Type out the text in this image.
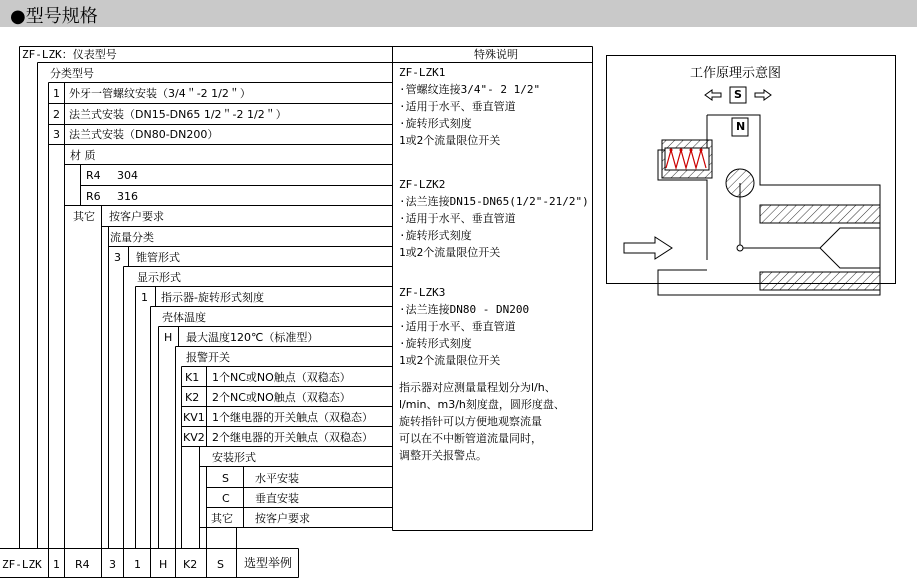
●型号规格
ZF-LZK：仪表型号	特殊说明
分类型号
1 外牙一管螺纹安装（3/4＂-2 1/2＂）
2 法兰式安装（DN15-DN65 1/2＂-2 1/2＂）
3 法兰式安装（DN80-DN200）
材 质
R4 304
R6 316
其它 按客户要求
流量分类
3 锥管形式
显示形式
1 指示器-旋转形式刻度
壳体温度
H 最大温度120℃（标准型）
报警开关
K1 1个NC或NO触点（双稳态）
K2 2个NC或NO触点（双稳态）
KV1 1个继电器的开关触点（双稳态）
KV2 2个继电器的开关触点（双稳态）
安装形式
S 水平安装
C 垂直安装
其它 按客户要求
ZF-LZK 1 R4 3 1 H K2 S 选型举例
ZF-LZK1
·管螺纹连接3/4"- 2 1/2"
·适用于水平、垂直管道
·旋转形式刻度
1或2个流量限位开关
ZF-LZK2
·法兰连接DN15-DN65(1/2"-21/2")
·适用于水平、垂直管道
·旋转形式刻度
1或2个流量限位开关
ZF-LZK3
·法兰连接DN80 - DN200
·适用于水平、垂直管道
·旋转形式刻度
1或2个流量限位开关
指示器对应测量量程划分为l/h、
l/min、m3/h刻度盘，圆形度盘、
旋转指针可以方便地观察流量
可以在不中断管道流量同时，
调整开关报警点。
工作原理示意图
S
N
